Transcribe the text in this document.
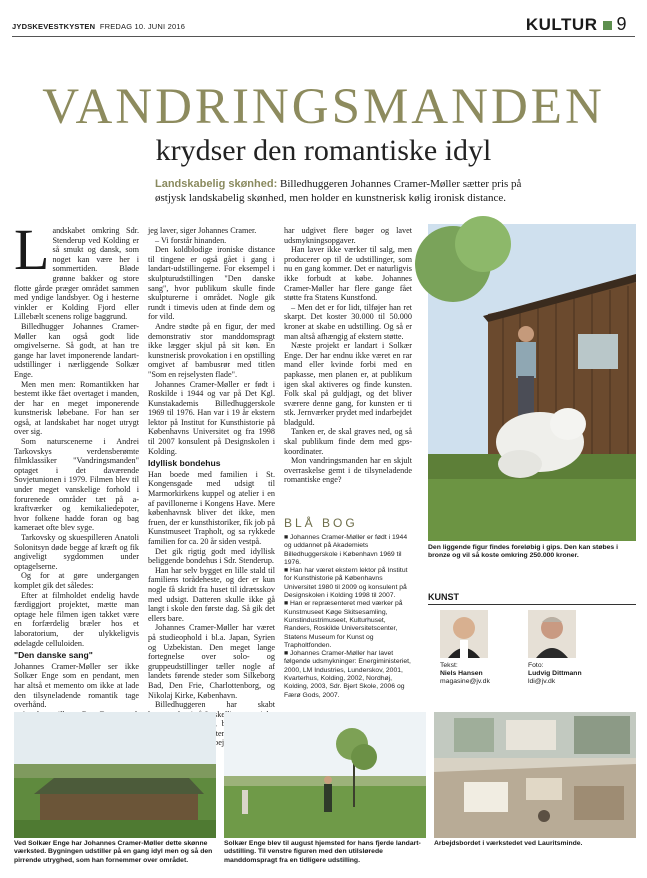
JYDSKEVESTKYSTEN FREDAG 10. JUNI 2016	KULTUR 9
VANDRINGSMANDEN
krydser den romantiske idyl
Landskabelig skønhed: Billedhuggeren Johannes Cramer-Møller sætter pris på østjysk landskabelig skønhed, men holder en kunstnerisk kølig ironisk distance.

Landskabet omkring Sdr. Stenderup ved Kolding er så smukt og dansk, som noget kan være her i sommertiden. Bløde grønne bakker og store flotte gårde præger området sammen med yndige landsbyer. Og i hesterne vinkler er Kolding Fjord eller Lillebælt scenens rolige baggrund.

Billedhugger Johannes Cramer-Møller kan også godt lide omgivelserne. Så godt, at han tre gange har lavet imponerende landart-udstillinger i nærliggende Solkær Enge.

Men men men: Romantikken har bestemt ikke fået overtaget i manden, der har en meget imponerende kunstnerisk løbebane. For han ser også, at landskabet har noget utrygt over sig.

Som naturscenerne i Andrei Tarkovskys verdensberømte filmklassiker "Vandringsmanden" optaget i det daværende Sovjetunionen i 1979. Filmen blev til under meget vanskelige forhold i forurenede områder tæt på a-kraftværker og kemikaliedepoter, hvor folkene hadde foran og bag kameraet ofte blev syge.

Tarkovsky og skuespilleren Anatoli Solonitsyn døde begge af kræft og fik angiveligt sygdommen under optagelserne.

Og for at gøre undergangen komplet gik det således:

Efter at filmholdet endelig havde færdiggjort projektet, mætte man optage hele filmen igen takket være en forfærdelig bræler hos et laboratorium, der ulykkeligvis ødelagde celluloiden.

"Den danske sang"

Johannes Cramer-Møller ser ikke Solkær Enge som en pendant, men har altså et memento om ikke at lade den tilsyneladende romantik tage overhånd.

jeg laver, siger Johannes Cramer.

– Vi forstår hinanden.

Den koldblodige ironiske distance til tingene er også gået i gang i landart-udstillingerne. For eksempel i skulpturudstillingen "Den danske sang", hvor publikum skulle finde skulpturerne i området. Nogle gik rundt i timevis uden at finde dem og for vild.

Andre stødte på en figur, der med demonstrativ stor manddomspragt ikke lægger skjul på sit køn. En kunstnerisk provokation i en opstilling omgivet af bambusrør med titlen "Som en rejselysten flade".

Johannes Cramer-Møller er født i Roskilde i 1944 og var på Det Kgl. Kunstakademis Billedhuggerskole 1969 til 1976. Han var i 19 år ekstern lektor på Institut for Kunsthistorie på Københavns Universitet og fra 1998 til 2007 konsulent på Designskolen i Kolding.

Idyllisk bondehus

Han boede med familien i St. Kongensgade med udsigt til Marmorkirkens kuppel og atelier i en af pavillonerne i Kongens Have. Mere københavnsk bliver det ikke, men fruen, der er kunsthistoriker, fik job på Kunstmuseet Trapholt, og sa rykkede familien for ca. 20 år siden vestpå.

Det gik rigtig godt med idyllisk beliggende bondehus i Sdr. Stenderup.

Han har selv bygget en lille stald til familiens torådeheste, og der er kun nogle få skridt fra huset til idrætsskov med udsigt. Datteren skulle ikke gå langt i skole den første dag. Så gik det ellers bare.

Johannes Cramer-Møller har været på studieophold i bl.a. Japan, Syrien og Uzbekistan. Den meget lange fortegnelse over solo- og gruppeudstillinger tæller nogle af landets førende steder som Silkeborg Bad, Den Frie, Charlottenborg, og Nikolaj Kirke, København.

Billedhuggeren har skabt forskellige arbejder

har udgivet flere bøger og lavet udsmykningsopgaver.

Han laver ikke værker til salg, men producerer op til de udstillinger, som nu en gang kommer. Det er naturligvis ikke forbudt at købe. Johannes Cramer-Møller har flere gange fået støtte fra Statens Kunstfond.

– Men det er for lidt, tilføjer han ret skarpt. Det koster 30.000 til 50.000 kroner at skabe en udstilling. Og så er man altså afhængig af ekstern støtte.

Næste projekt er landart i Solkær Enge. Der har endnu ikke været en rar mand eller kvinde forbi med en papkasse, men planen er, at publikum igen skal aktiveres og finde kunsten. Folk skal på guldjagt, og det bliver sværere denne gang, for kunsten er ti stk. Jernværker prydet med indarbejdet bladguld.

Tanken er, de skal graves ned, og så skal publikum finde dem med gps-koordinater.

Mon vandringsmanden har en skjult overraskelse gemt i de tilsyneladende romantiske enge?

BLÅ BOG
■ Johannes Cramer-Møller er født i 1944 og uddannet på Akademiets Billedhuggerskole i København 1969 til 1976.
■ Han har været ekstern lektor på Institut for Kunsthistorie på Københavns Universitet 1980 til 2009 og konsulent på Designskolen i Kolding 1998 til 2007.
■ Han er repræsenteret med værker på Kunstmuseet Køge Skitsesamling, Kunstindustrimuseet, Kulturhuset, Randers, Roskilde Universitetscenter, Statens Museum for Kunst og Trapholtfonden.
■ Johannes Cramer-Møller har lavet følgende udsmykninger: Energiministeriet, 2000, LM Industries, Lunderskov, 2001, Kvarterhus, Kolding, 2002, Nordhøj, Kolding, 2003, Sdr. Bjert Skole, 2006 og Færø Gods, 2007.
Den liggende figur findes foreløbig i gips. Den kan støbes i bronze og vil så koste omkring 250.000 kroner.
KUNST
Tekst:
Niels Hansen
magasine@jv.dk
Foto:
Ludvig Dittmann
ldi@jv.dk
Ved Solkær Enge har Johannes Cramer-Møller dette skønne værksted. Bygningen udstiller på en gang idyl men og så den pirrende utryghed, som han fornemmer over området.
Solkær Enge blev til august hjemsted for hans fjerde landart-udstilling. Til venstre figuren med den utilslørede manddomspragt fra en tidligere udstilling.
Arbejdsbordet i værkstedet ved Lauritsminde.
